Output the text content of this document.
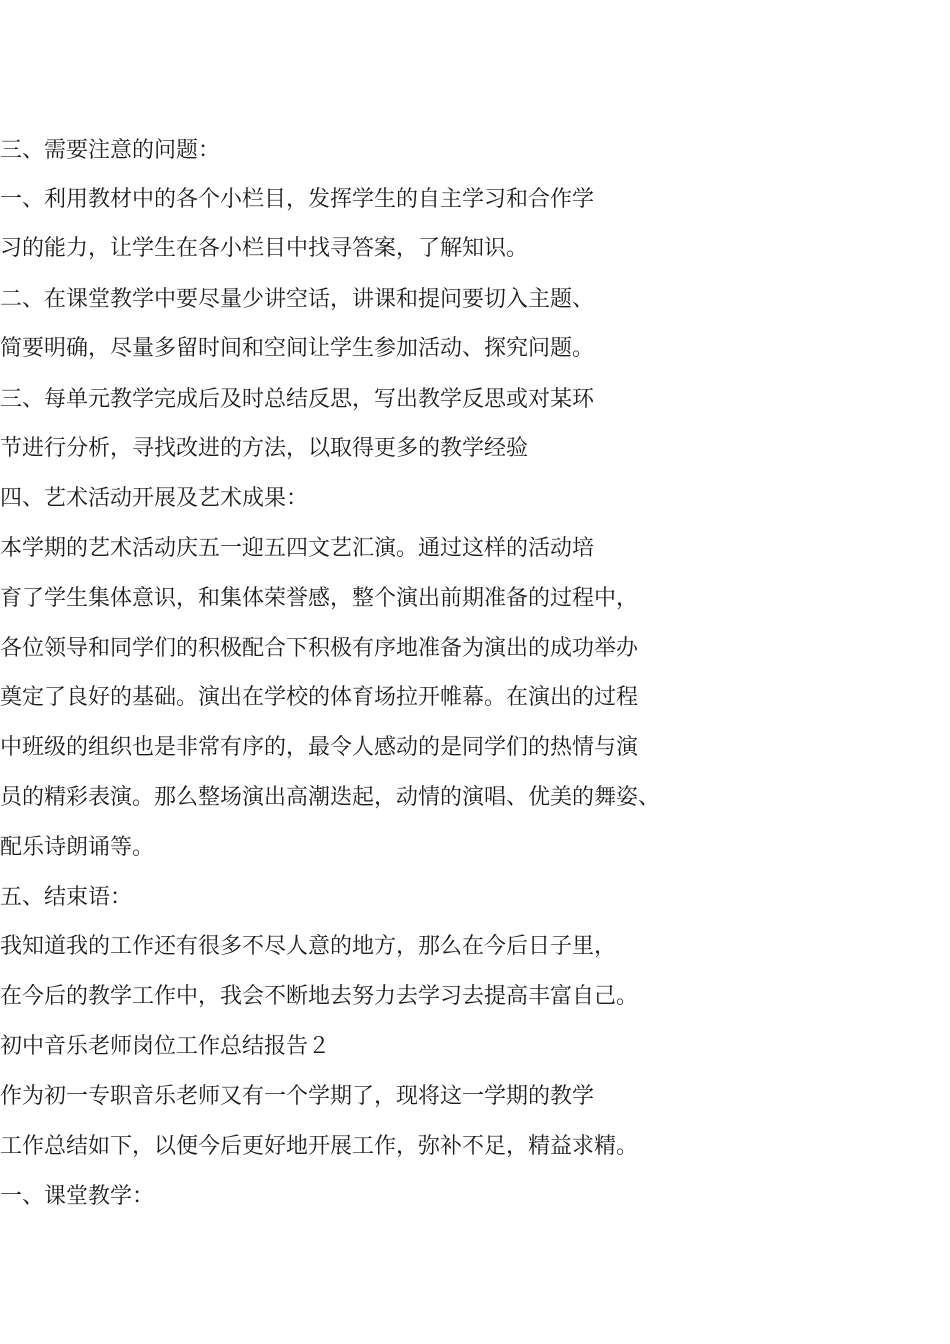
三、需要注意的问题：
一、利用教材中的各个小栏目，发挥学生的自主学习和合作学
习的能力，让学生在各小栏目中找寻答案，了解知识。
二、在课堂教学中要尽量少讲空话，讲课和提问要切入主题、
简要明确，尽量多留时间和空间让学生参加活动、探究问题。
三、每单元教学完成后及时总结反思，写出教学反思或对某环
节进行分析，寻找改进的方法，以取得更多的教学经验
四、艺术活动开展及艺术成果：
本学期的艺术活动庆五一迎五四文艺汇演。通过这样的活动培
育了学生集体意识，和集体荣誉感，整个演出前期准备的过程中，
各位领导和同学们的积极配合下积极有序地准备为演出的成功举办
奠定了良好的基础。演出在学校的体育场拉开帷幕。在演出的过程
中班级的组织也是非常有序的，最令人感动的是同学们的热情与演
员的精彩表演。那么整场演出高潮迭起，动情的演唱、优美的舞姿、
配乐诗朗诵等。
五、结束语：
我知道我的工作还有很多不尽人意的地方，那么在今后日子里，
在今后的教学工作中，我会不断地去努力去学习去提高丰富自己。
初中音乐老师岗位工作总结报告２
作为初一专职音乐老师又有一个学期了，现将这一学期的教学
工作总结如下，以便今后更好地开展工作，弥补不足，精益求精。
一、课堂教学：
